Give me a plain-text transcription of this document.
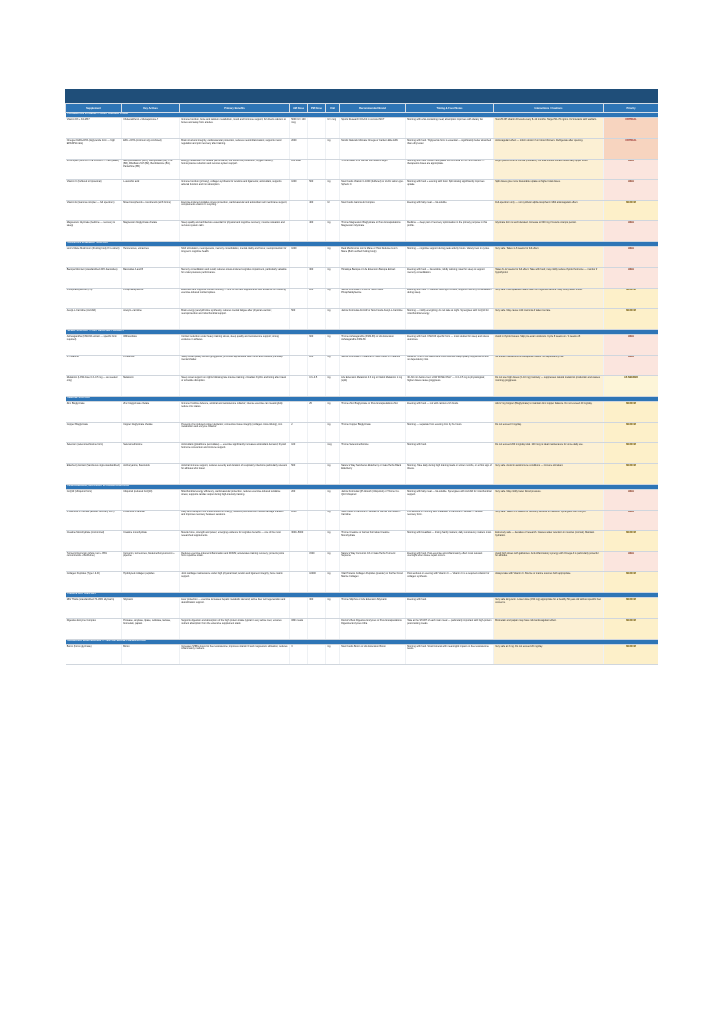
Supplement	Key Actives	Primary Benefits	AM Dose	PM Dose	Unit	Recommended Brand	Timing & Food Notes	Interactions / Cautions	Priority
FOUNDATION VITAMINS — DAILY ANCHOR STACK									
Vitamin D3 + K2-MK7	Cholecalciferol + Menaquinone-7	Immune function, bone and calcium metabolism, mood and hormone support; K2 directs calcium to bones and away from arteries.	5000 IU / 100 mcg		IU / mcg	Sports Research D3+K2 in coconut MCT	Morning with a fat-containing meal; absorption improves with dietary fat.	Test 25-OH vitamin D levels every 8–12 months. Target 50–70 ng/mL. K2 interacts with warfarin.	CRITICAL
Omega-3 EPA+DHA (triglyceride form — high EPA/DHA ratio)	EPA + DHA (minimum 2g combined)	Brain structural integrity, cardiovascular protection, reduces neuroinflammation; supports mood regulation and joint recovery after training.	2000		mg	Nordic Naturals Ultimate Omega or Carlson Elite EPA	Morning with food. Triglyceride form is essential — significantly better absorbed than ethyl ester.	Anticoagulant effect — inform doctor if on blood thinners. Refrigerate after opening.	CRITICAL
B-Complex (ALL ACTIVE FORMS — methylated)	Methylcobalamin (B12), Methylfolate (B9), P5P (B6), Riboflavin-5-P (B2), Benfotiamine (B1), Pantethine (B5)	Energy metabolism for cellular performance, red blood cell production, oxygen delivery, homocysteine reduction and nervous system support.	Full dose			Thorne Basic B or Jarrow Formulas B-Right	Morning with food. Active methylated forms critical for MTHFR carriers — therapeutic doses are appropriate.	Bright yellow urine is normal (riboflavin). B6 total should remain below daily upper limits.	HIGH
Vitamin C (buffered or liposomal)	L-ascorbic acid	Immune function (primary), collagen synthesis for tendons and ligaments; antioxidant, supports adrenal function and iron absorption.	1000	500	mg	Now Foods Vitamin C-1000 (buffered) or LivOn Labs Lypo-Spheric C	Morning with food + evening with food. Split dosing significantly improves uptake.	Split doses give more favourable uptake at higher total doses.	HIGH
Vitamin E (Gamma complex — full spectrum)	Mixed tocopherols + tocotrienols (all 8 forms)	Exercise-induced oxidative stress protection, cardiovascular and antioxidant cell membrane support; complements vitamin C recycling.		400	IU	Now Foods Gamma E Complex	Evening with fatty meal — fat-soluble.	Full-spectrum only — not synthetic alpha-tocopherol. Mild anticoagulant effect.	MEDIUM
Magnesium Glycinate (bedtime — recovery & sleep)	Magnesium bisglycinate chelate	Sleep quality and architecture essential for physical and cognitive recovery; muscle relaxation and nervous system calm.		400	mg	Thorne Magnesium Bisglycinate or Pure Encapsulations Magnesium Glycinate	Bedtime — deep part of recovery optimisation in the primary purpose in this profile.	Glycinate form is well tolerated. Increase to 600 mg if muscle cramps persist.	HIGH
COGNITIVE & MEMORY SUPPORT									
Lion's Mane Mushroom (Fruiting body 8:1 extract)	Hericenones, erinacines	NGF stimulation, neurogenesis, memory consolidation, mental clarity and focus; neuroprotection for long-term cognitive health.	1000		mg	Real Mushrooms Lion's Mane or Host Defense Lion's Mane (Both verified fruiting body)	Morning — cognitive support during peak activity hours. Variety best in cycles.	Very safe. Takes 4–8 weeks for full effect.	HIGH
Bacopa Monnieri (standardized 20% bacosides)	Bacosides A and B	Memory consolidation and recall; reduces stress-induced cognitive impairment, particularly valuable for under-pressure performance.		300	mg	Himalaya Bacopa or Life Extension Bacopa Extract	Evening with food — fat-soluble; mildly calming; ideal for sleep to support memory consolidation.	Takes 8–12 weeks for full effect. Take with food; may mildly reduce thyroid hormone — monitor if hypothyroid.	HIGH
Phosphatidylserine (PS)	Phosphatidylserine	Executive and cognitive cortisol blunting — one of the best supplements with evidence for reducing exercise-induced cortisol spikes.		200	mg	Jarrow Formulas PS-100 or Now Foods Phosphatidylserine	Evening with food — reduces overnight cortisol; supports memory consolidation during sleep.	Very safe. FDA-qualified health claim for cognitive decline. May mildly affect mood.	MEDIUM
Acetyl-L-Carnitine (ALCAR)	Acetyl-L-carnitine	Brain energy (acetylcholine synthesis), reduces mental fatigue after physical exertion; neuroprotection and mitochondrial support.	500		mg	Jarrow Formulas ALCAR or Now Foods Acetyl-L-Carnitine	Morning — mildly energizing; do not take at night. Synergises with CoQ10 for mitochondrial energy.	Very safe. May cause mild insomnia if taken too late.	MEDIUM
SLEEP SUPPORT — KEY RECOVERY PRIORITY									
Ashwagandha (KSM-66 extract — specific form required)	Withanolides	Cortisol reduction under heavy training stress, sleep quality and testosterone support; strong evidence in athletes.		600	mg	Thorne Ashwagandha (KSM-66) or Life Extension Ashwagandha KSM-66	Evening with food. KSM-66 specific form — most studied for sleep and stress outcomes.	Avoid in thyroid issues. Skip pre-exam workouts. Cycle 8 weeks on / 4 weeks off.	HIGH
L-Theanine	L-theanine	Sleep onset quality without grogginess; promotes alpha-wave calm focus and reduces pre-sleep mental chatter.		200	mg	Jarrow Formulas L-Theanine or Now Foods L-Theanine	Bedtime. One of the safest and most effective sleep-quality supplements with no dependency risk.	No known interactions at therapeutic doses. No dependency risk.	HIGH
Melatonin (LOW dose 0.3–0.5 mg — as needed only)	Melatonin	Sleep onset support on nights following late intense training; circadian rhythm anchoring after travel or schedule disruption.		0.3–0.5	mg	Life Extension Melatonin 0.3 mg or Natrol Melatonin 1 mg (split)	30–60 min before bed. LOW DOSE ONLY — 0.3–0.5 mg is physiological; higher doses cause grogginess.	Do not use high doses (3–10 mg) routinely — suppresses natural melatonin production and causes morning grogginess.	AS NEEDED
IMMUNE SUPPORT									
Zinc Bisglycinate	Zinc bisglycinate chelate	Immune frontline defence, antiviral and testosterone cofactor; intense exercise can meaningfully reduce zinc status.		25	mg	Thorne Zinc Bisglycinate or Pure Encapsulations Zinc	Evening with food — not with calcium-rich foods.	Add 2 mg Copper (Bisglycinate) to maintain zinc:copper balance. Do not exceed 40 mg/day.	MEDIUM
Copper Bisglycinate	Copper bisglycinate chelate	Prevents zinc-induced copper depletion; connective tissue integrity (collagen cross-linking), iron metabolism and enzyme cofactor.	2		mg	Thorne Copper Bisglycinate	Morning — separate from evening zinc by 8+ hours.	Do not exceed 3 mg/day.	MEDIUM
Selenium (selenomethionine form)	Selenomethionine	Antioxidant (glutathione peroxidase) — exercise significantly increases antioxidant demand; thyroid hormone conversion and immune support.	100		mcg	Thorne Selenomethionine	Morning with food.	Do not exceed 200 mcg/day total. 100 mcg is ideal maintenance for once-daily use.	MEDIUM
Elderberry Extract (Sambucus nigra standardized)	Anthocyanins, flavonoids	Antiviral immune support, reduces severity and duration of respiratory infections particularly relevant for athletes who travel.	500		mg	Nature's Way Sambucus Elderberry or Gaia Herbs Black Elderberry	Morning. Take daily during high training loads or winter months, or at first sign of illness.	Very safe. Avoid in autoimmune conditions — immune stimulant.	MEDIUM
PERFORMANCE, RECOVERY & CARDIOVASCULAR									
CoQ10 (Ubiquinol form)	Ubiquinol (reduced CoQ10)	Mitochondrial energy efficiency, cardiovascular protection, reduces exercise-induced oxidative stress; supports cardiac output during high-intensity training.	200		mg	Jarrow Formulas QH-Absorb (Ubiquinol) or Thorne Co-Q10 Ubiquinol	Morning with fatty meal — fat-soluble. Synergises with ALCAR for mitochondrial support.	Very safe. May mildly lower blood pressure.	HIGH
L-Carnitine L-Tartrate (athletic recovery form)	L-carnitine L-tartrate	Fatty acid transport into mitochondria for energy; reduces post-exercise muscle damage markers and improves recovery between sessions.	2000		mg	Now Foods L-Carnitine L-Tartrate or Jarrow Formulas L-Carnitine	Pre-workout or morning with breakfast. L-Carnitine L-Tartrate — athletic recovery form.	Very safe. Takes 3–4 weeks for recovery benefits to manifest. Synergistic with CoQ10.	HIGH
Creatine Monohydrate (micronized)	Creatine monohydrate	Muscle force, strength and power; emerging evidence for cognitive benefits — one of the most researched supplements.	3000–5000		mg	Thorne Creatine or Jarrow Formulas Creatine Monohydrate	Morning with breakfast — timing hardly matters; daily consistency matters most.	Extremely safe — decades of research. Causes water retention in muscles (normal). Maintain hydration.	MEDIUM
Turmeric/Curcumin (whole root + 95% curcuminoids + BioPerine)	Curcumin, turmerones, bisdemethoxycurcumin + piperine	Reduces exercise-induced inflammation and DOMS; accelerates training recovery; protects joints from repetitive strain.		1500	mg	Nature's Way Curcumin C3 or Gaia Herbs Turmeric Supreme	Evening with food. Post-exercise anti-inflammatory effect most relevant overnight when tissue repair occurs.	Avoid high doses with gallstones. Anti-inflammatory synergy with Omega-3 is particularly powerful for athletes.	HIGH
Collagen Peptides (Type I & III)	Hydrolysed collagen peptides	Joint cartilage maintenance under high physical load; tendon and ligament integrity; bone matrix support.		10000	mg	Vital Proteins Collagen Peptides (powder) or Further Food Marine Collagen	Post-workout or evening with Vitamin C — Vitamin C is a required cofactor for collagen synthesis.	Always take with Vitamin C. Bovine or marine sources both appropriate.	MEDIUM
LIVER & GUT SUPPORT									
Milk Thistle (standardized 70–80% silymarin)	Silymarin	Liver protection — exercise increases hepatic metabolic demand; active liver cell regeneration and detoxification support.		300	mg	Thorne Siliphos or Life Extension Silymarin	Evening with food.	Very safe long-term. Lower dose (150 mg) appropriate for a healthy 50-year-old without specific liver concerns.	MEDIUM
Digestive Enzyme Complex	Protease, amylase, lipase, cellulase, lactase, bromelain, papain	Supports digestion and absorption of the high protein intake typical in very active men; ensures nutrient absorption from the extensive supplement stack.	With meals			Doctor's Best Digestive Enzymes or Pure Encapsulations Digestive Enzymes Ultra	Take at the START of each main meal — particularly important with high-protein post-training meals.	Bromelain and papain may have mild anticoagulant effect.	MEDIUM
HORMONAL MAINTENANCE — TESTOSTERONE PRESERVATION									
Boron (boron glycinate)	Boron	Increases SHBG-bound to free testosterone; improves vitamin D and magnesium utilisation; reduces inflammatory markers.	3		mg	Now Foods Boron or Life Extension Boron	Morning with food. Small mineral with meaningful impact on free testosterone levels.	Very safe at 3 mg. Do not exceed 20 mg/day.	MEDIUM
